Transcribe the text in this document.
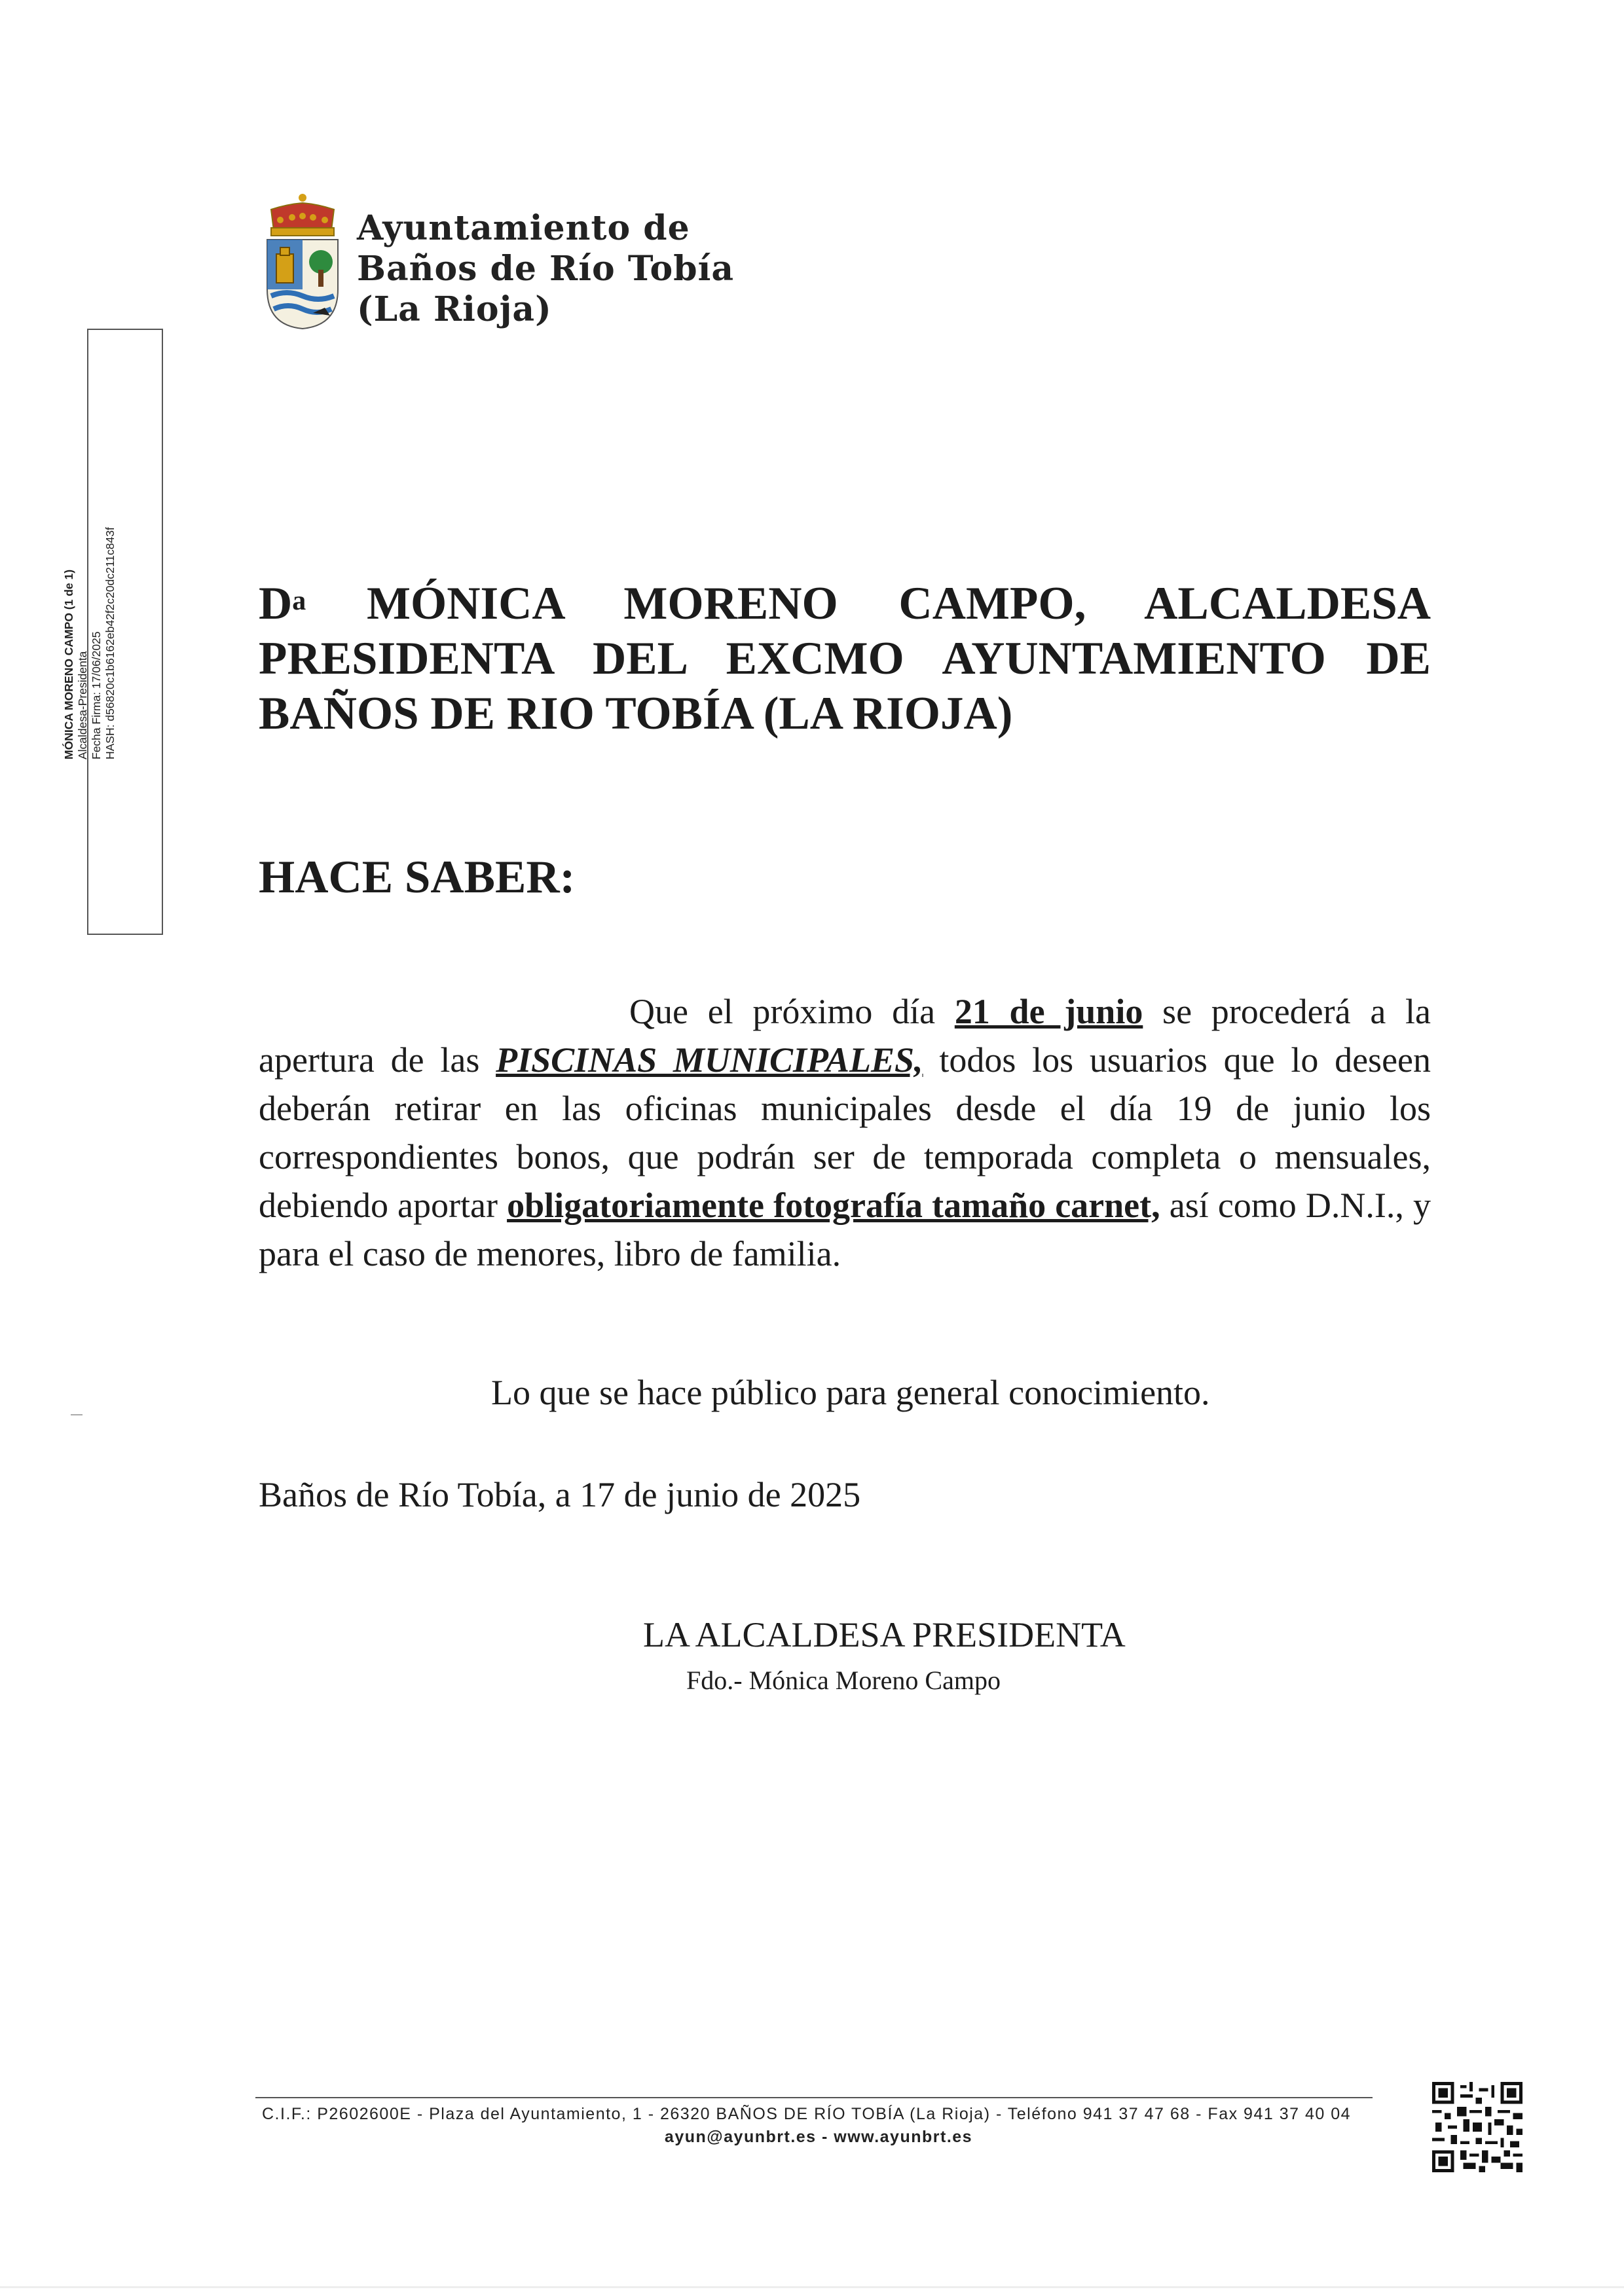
Ayuntamiento de
Baños de Río Tobía
(La Rioja)
MÓNICA MORENO CAMPO (1 de 1) Alcaldesa-Presidenta Fecha Firma: 17/06/2025 HASH: d56820c1b6162eb42f2c20dc211c843f	$D^a$ MÓNICA MORENO CAMPO, ALCALDESA PRESIDENTA DEL EXCMO AYUNTAMIENTO DE BAÑOS DE RIO TOBÍA (LA RIOJA)
HACE SABER:
Que el próximo día 21 de junio se procederá a la apertura de las PISCINAS MUNICIPALES, todos los usuarios que lo deseen deberán retirar en las oficinas municipales desde el día 19 de junio los correspondientes bonos, que podrán ser de temporada completa o mensuales, debiendo aportar obligatoriamente fotografía tamaño carnet, así como D.N.I., y para el caso de menores, libro de familia.
Lo que se hace público para general conocimiento.
Baños de Río Tobía, a 17 de junio de 2025
LA ALCALDESA PRESIDENTA
Fdo.- Mónica Moreno Campo
C.I.F.: P2602600E - Plaza del Ayuntamiento, 1 - 26320 BAÑOS DE RÍO TOBÍA (La Rioja) - Teléfono 941 37 47 68 - Fax 941 37 40 04
ayun@ayunbrt.es - www.ayunbrt.es
